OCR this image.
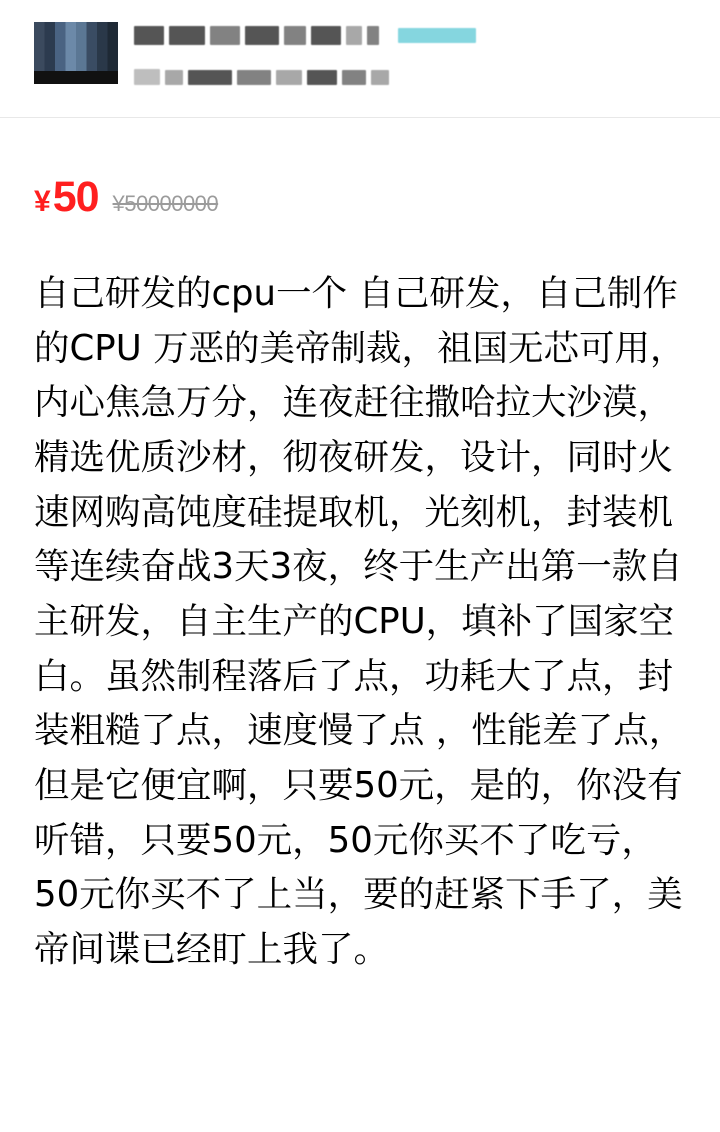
¥ 50 ¥50000000
自己研发的cpu一个 自己研发，自己制作的CPU 万恶的美帝制裁，祖国无芯可用，内心焦急万分，连夜赶往撒哈拉大沙漠，精选优质沙材，彻夜研发，设计，同时火速网购高饨度硅提取机，光刻机，封装机等连续奋战3天3夜，终于生产出第一款自主研发，自主生产的CPU，填补了国家空白。虽然制程落后了点，功耗大了点，封装粗糙了点，速度慢了点 ，性能差了点，但是它便宜啊，只要50元，是的，你没有听错，只要50元，50元你买不了吃亏，50元你买不了上当，要的赶紧下手了，美帝间谍已经盯上我了。
